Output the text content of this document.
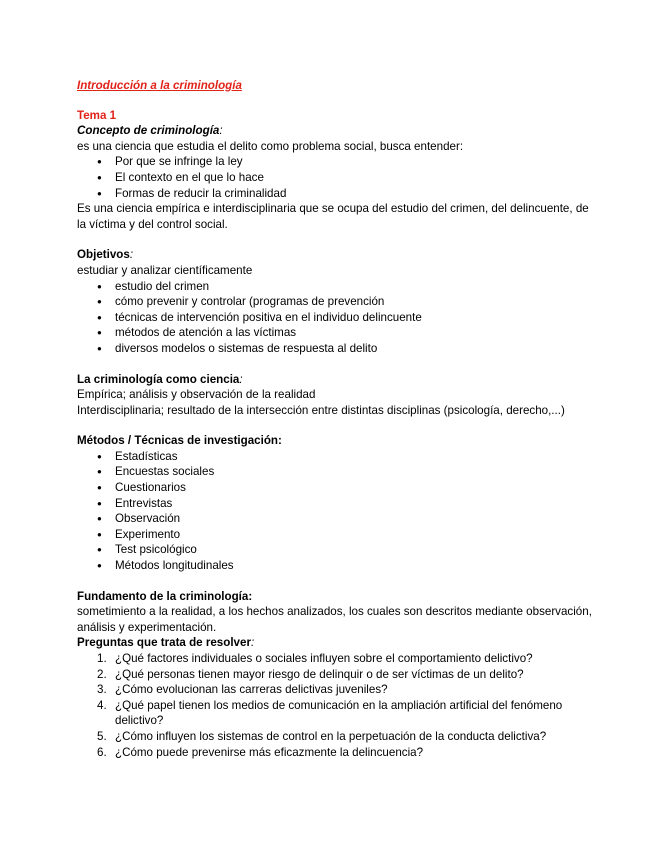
Introducción a la criminología
Tema 1
Concepto de criminología:
es una ciencia que estudia el delito como problema social, busca entender:
● Por que se infringe la ley
● El contexto en el que lo hace
● Formas de reducir la criminalidad
Es una ciencia empírica e interdisciplinaria que se ocupa del estudio del crimen, del delincuente, de la víctima y del control social.
Objetivos:
estudiar y analizar científicamente
● estudio del crimen
● cómo prevenir y controlar (programas de prevención
● técnicas de intervención positiva en el individuo delincuente
● métodos de atención a las víctimas
● diversos modelos o sistemas de respuesta al delito
La criminología como ciencia:
Empírica; análisis y observación de la realidad
Interdisciplinaria; resultado de la intersección entre distintas disciplinas (psicología, derecho,...)
Métodos / Técnicas de investigación:
● Estadísticas
● Encuestas sociales
● Cuestionarios
● Entrevistas
● Observación
● Experimento
● Test psicológico
● Métodos longitudinales
Fundamento de la criminología:
sometimiento a la realidad, a los hechos analizados, los cuales son descritos mediante observación, análisis y experimentación.
Preguntas que trata de resolver:
1. ¿Qué factores individuales o sociales influyen sobre el comportamiento delictivo?
2. ¿Qué personas tienen mayor riesgo de delinquir o de ser víctimas de un delito?
3. ¿Cómo evolucionan las carreras delictivas juveniles?
4. ¿Qué papel tienen los medios de comunicación en la ampliación artificial del fenómeno delictivo?
5. ¿Cómo influyen los sistemas de control en la perpetuación de la conducta delictiva?
6. ¿Cómo puede prevenirse más eficazmente la delincuencia?
